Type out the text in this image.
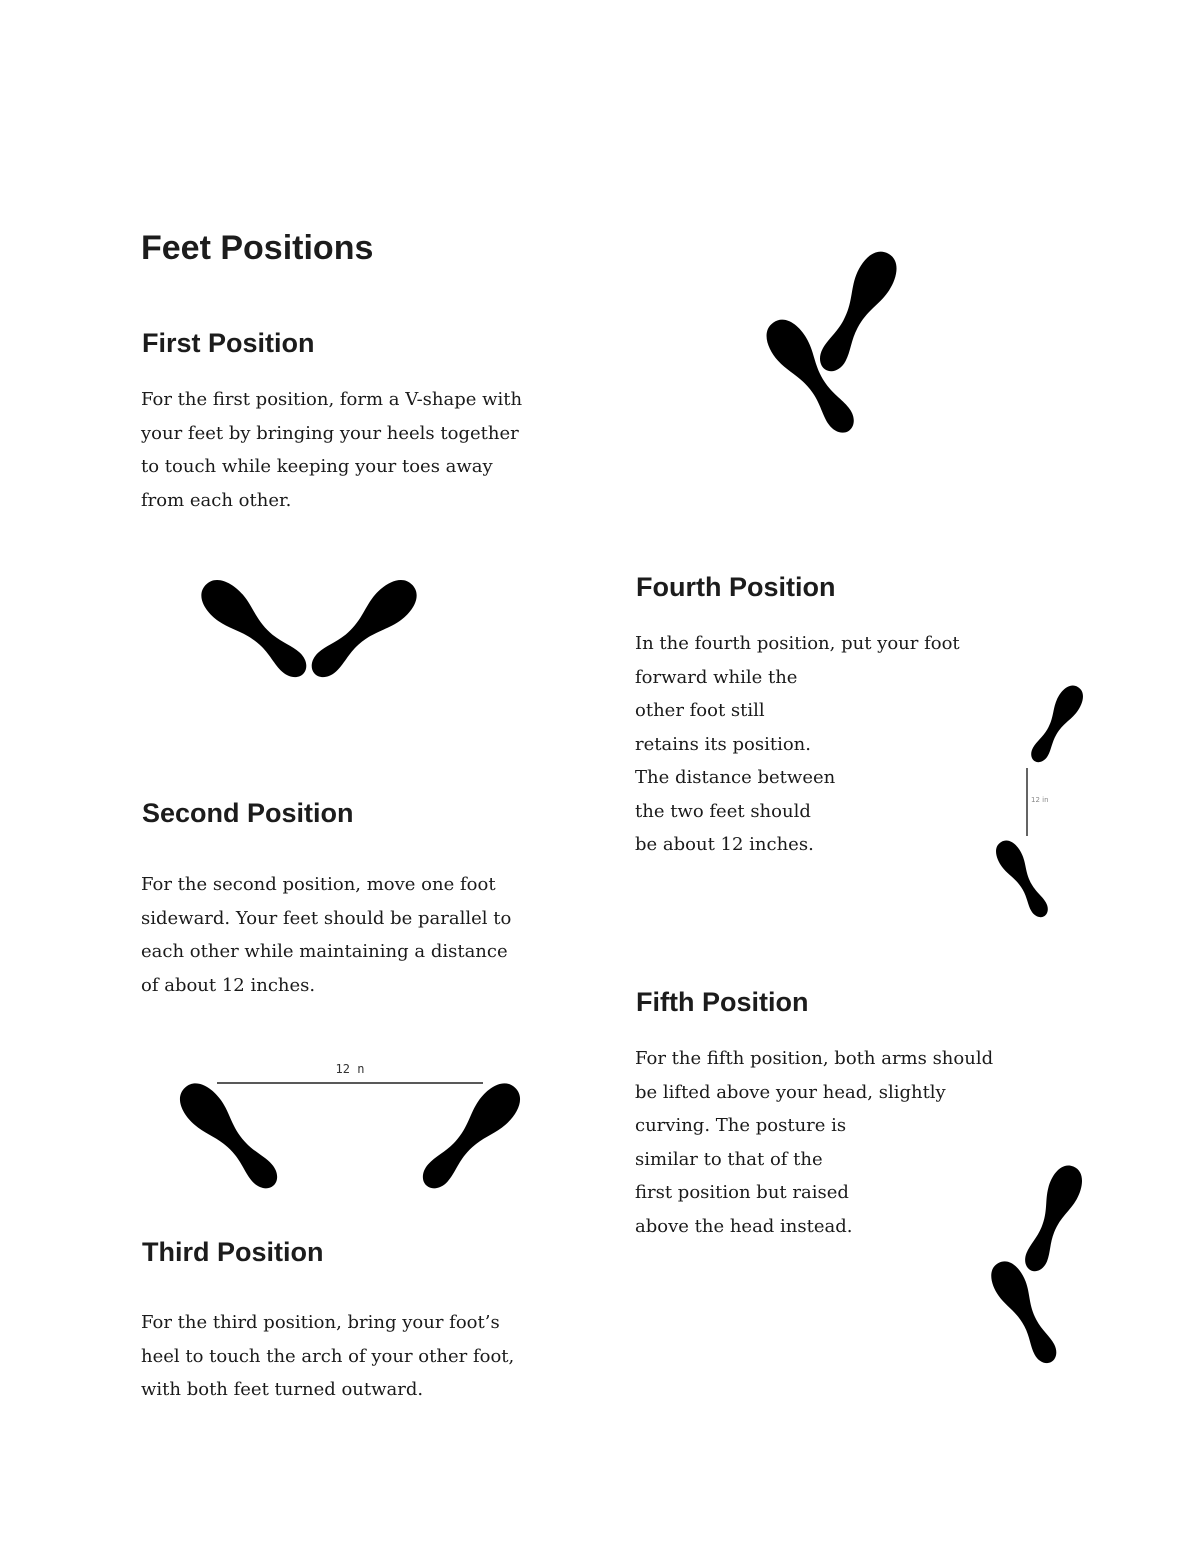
Feet Positions
First Position
For the first position, form a V-shape with
your feet by bringing your heels together
to touch while keeping your toes away
from each other.
Second Position
For the second position, move one foot
sideward. Your feet should be parallel to
each other while maintaining a distance
of about 12 inches.
Third Position
For the third position, bring your foot’s
heel to touch the arch of your other foot,
with both feet turned outward.
Fourth Position
In the fourth position, put your foot
forward while the
other foot still
retains its position.
The distance between
the two feet should
be about 12 inches.
Fifth Position
For the fifth position, both arms should
be lifted above your head, slightly
curving. The posture is
similar to that of the
first position but raised
above the head instead.
12 n
12 in
